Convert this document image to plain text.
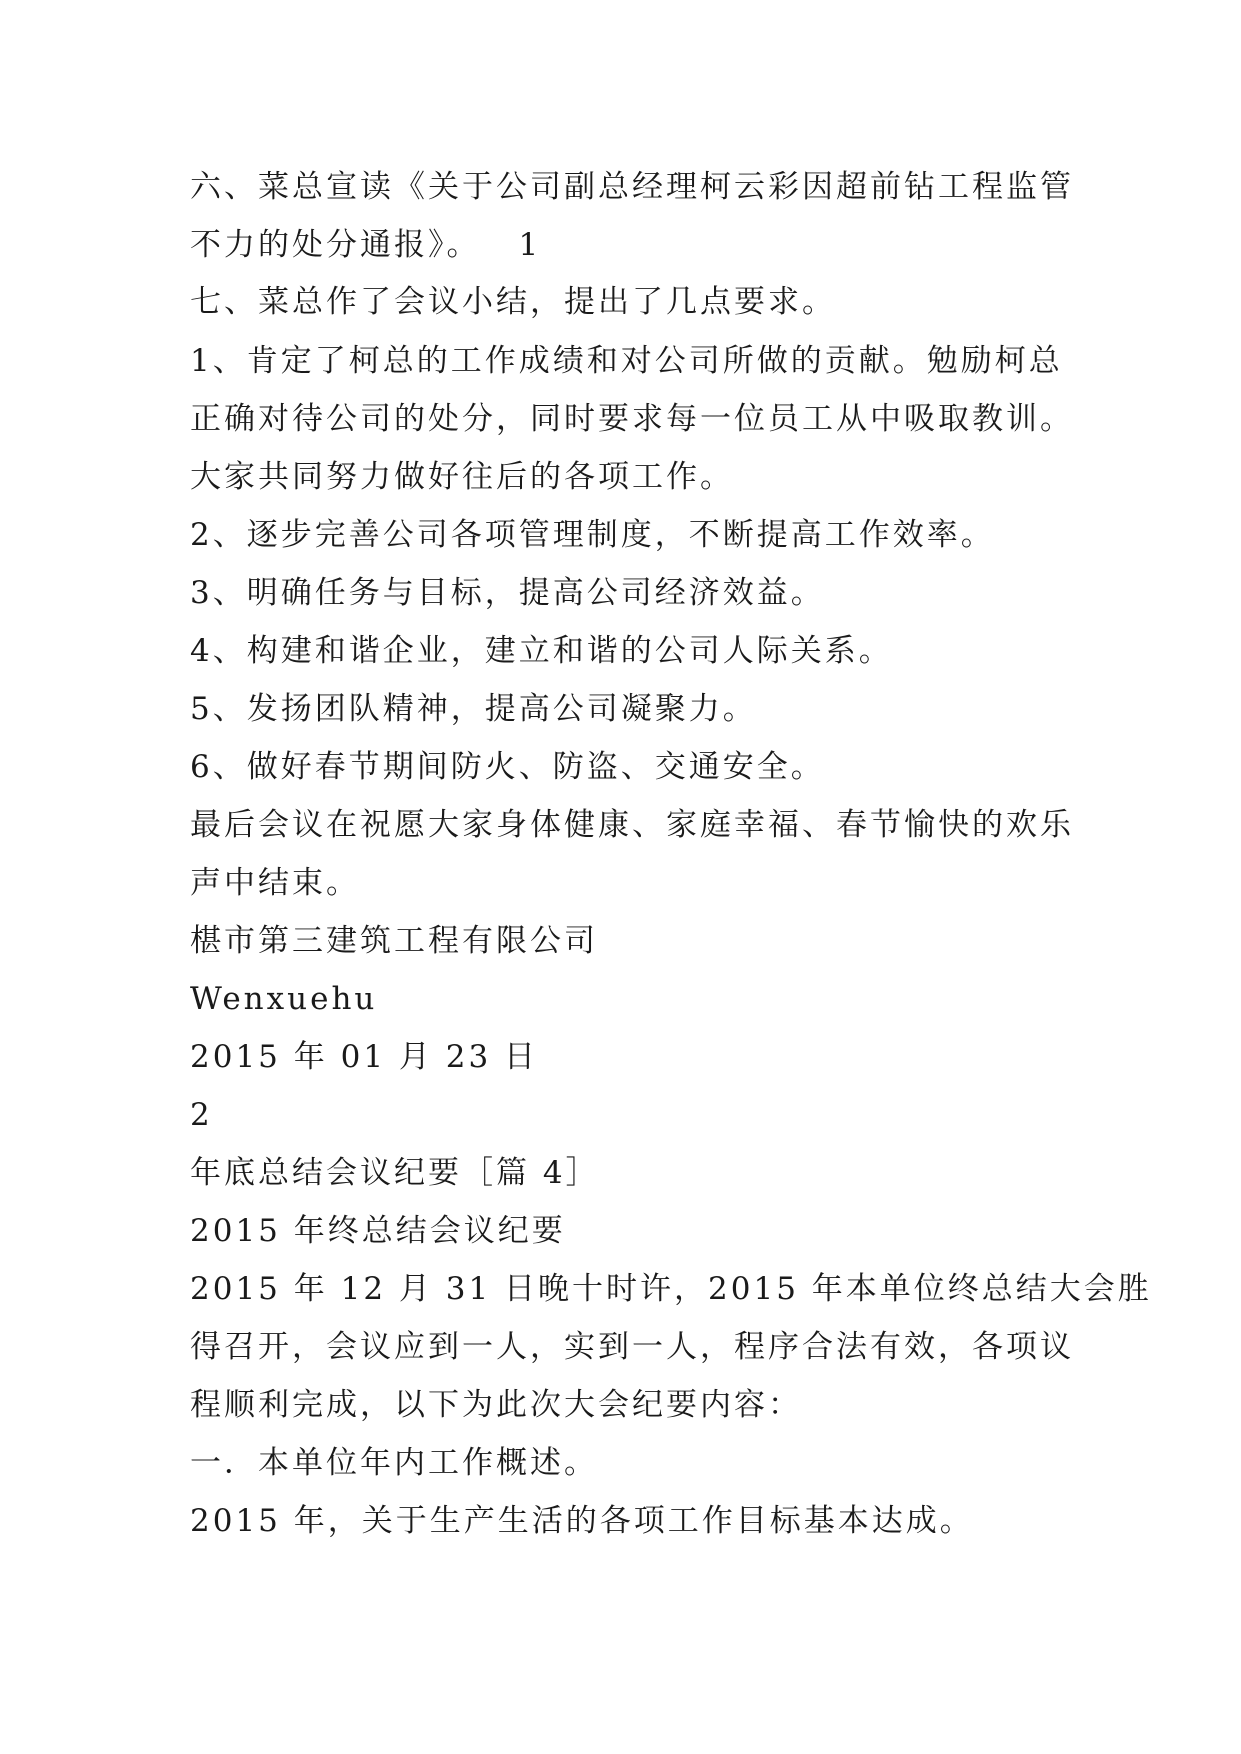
六、菜总宣读《关于公司副总经理柯云彩因超前钻工程监管
不力的处分通报》。 1
七、菜总作了会议小结，提出了几点要求。
1、肯定了柯总的工作成绩和对公司所做的贡献。勉励柯总
正确对待公司的处分，同时要求每一位员工从中吸取教训。
大家共同努力做好往后的各项工作。
2、逐步完善公司各项管理制度，不断提高工作效率。
3、明确任务与目标，提高公司经济效益。
4、构建和谐企业，建立和谐的公司人际关系。
5、发扬团队精神，提高公司凝聚力。
6、做好春节期间防火、防盗、交通安全。
最后会议在祝愿大家身体健康、家庭幸福、春节愉快的欢乐
声中结束。
椹市第三建筑工程有限公司
Wenxuehu
2015 年 01 月 23 日
2
年底总结会议纪要［篇 4］
2015 年终总结会议纪要
2015 年 12 月 31 日晚十时许，2015 年本单位终总结大会胜
得召开，会议应到一人，实到一人，程序合法有效，各项议
程顺利完成，以下为此次大会纪要内容：
一．本单位年内工作概述。
2015 年，关于生产生活的各项工作目标基本达成。
